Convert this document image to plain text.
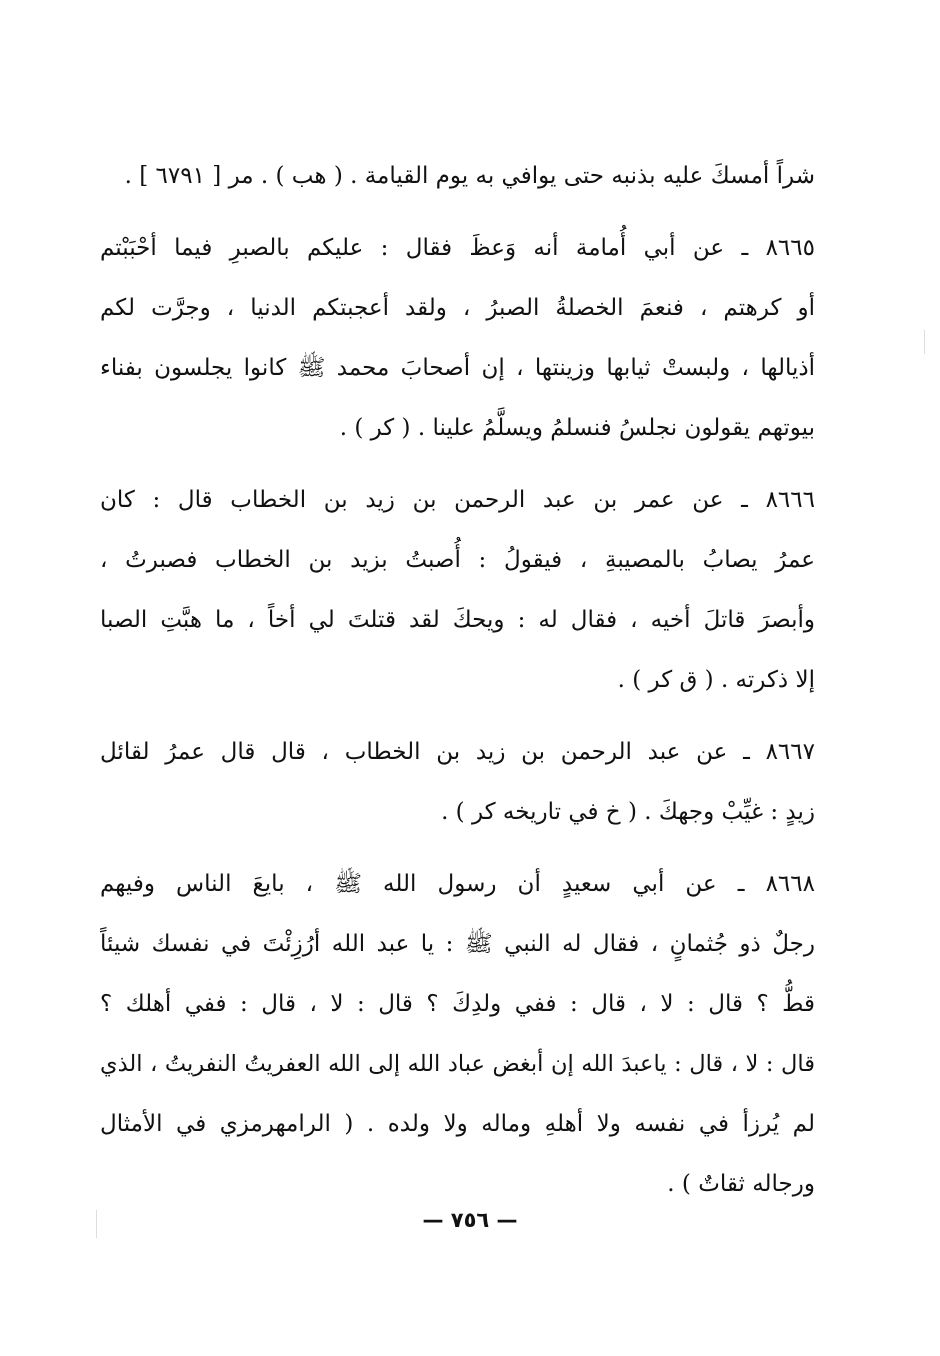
شراً أمسكَ عليه بذنبه حتى يوافي به يوم القيامة . ( هب ) . مر [ ٦٧٩١ ] .
٨٦٦٥ ـ عن أبي أُمامة أنه وَعظَ فقال : عليكم بالصبرِ فيما أحْبَبْتم
أو كرهتم ، فنعمَ الخصلةُ الصبرُ ، ولقد أعجبتكم الدنيا ، وجرَّت لكم
أذيالها ، ولبستْ ثيابها وزينتها ، إن أصحابَ محمد ﷺ كانوا يجلسون بفناء
بيوتهم يقولون نجلسُ فنسلمُ ويسلَّمُ علينا . ( كر ) .
٨٦٦٦ ـ عن عمر بن عبد الرحمن بن زيد بن الخطاب قال : كان
عمرُ يصابُ بالمصيبةِ ، فيقولُ : أُصبتُ بزيد بن الخطاب فصبرتُ ،
وأبصرَ قاتلَ أخيه ، فقال له : ويحكَ لقد قتلتَ لي أخاً ، ما هبَّتِ الصبا
إلا ذكرته . ( ق كر ) .
٨٦٦٧ ـ عن عبد الرحمن بن زيد بن الخطاب ، قال قال عمرُ لقائل
زيدٍ : غيِّبْ وجهكَ . ( خ في تاريخه كر ) .
٨٦٦٨ ـ عن أبي سعيدٍ أن رسول الله ﷺ ، بايعَ الناس وفيهم
رجلٌ ذو جُثمانٍ ، فقال له النبي ﷺ : يا عبد الله أرُزِئْتَ في نفسك شيئاً
قطُّ ؟ قال : لا ، قال : ففي ولدِكَ ؟ قال : لا ، قال : ففي أهلك ؟
قال : لا ، قال : ياعبدَ الله إن أبغض عباد الله إلى الله العفريتُ النفريتُ ، الذي
لم يُرزأ في نفسه ولا أهلهِ وماله ولا ولده . ( الرامهرمزي في الأمثال
ورجاله ثقاتٌ ) .
— ٧٥٦ —
